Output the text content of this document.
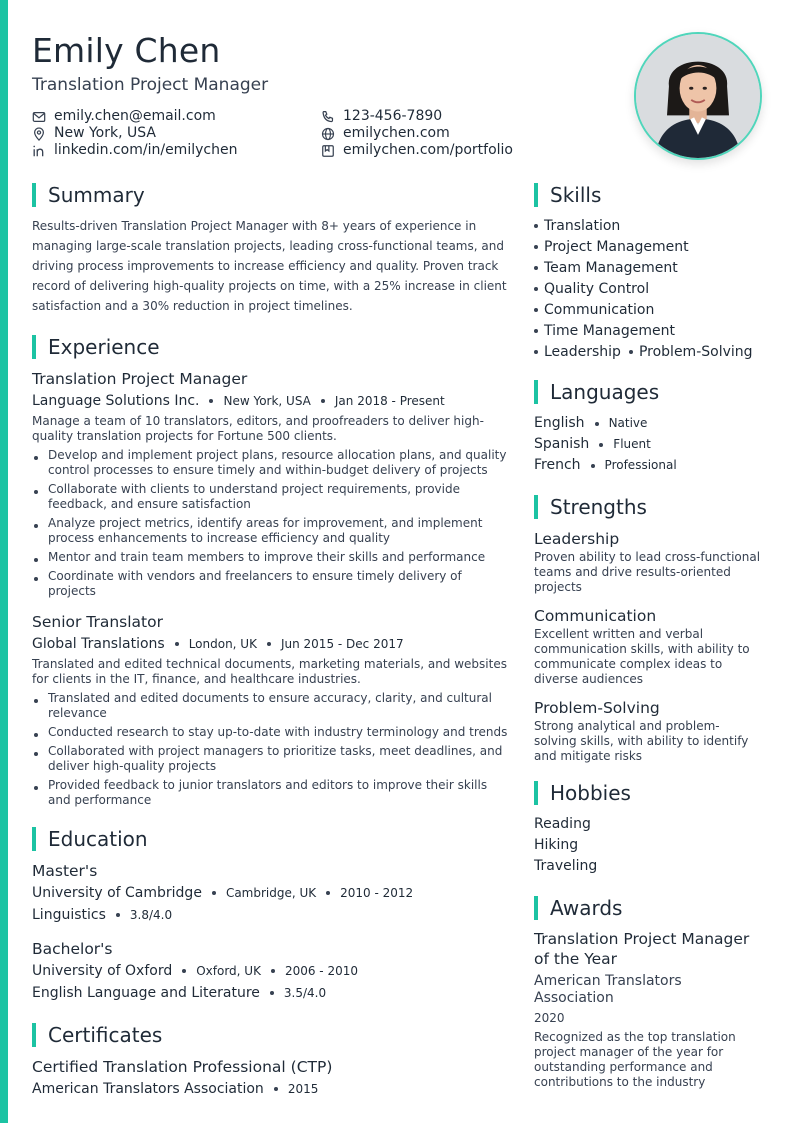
Emily Chen
Translation Project Manager
emily.chen@email.com	123-456-7890
New York, USA	emilychen.com
linkedin.com/in/emilychen	emilychen.com/portfolio
Summary

Results-driven Translation Project Manager with 8+ years of experience in managing large-scale translation projects, leading cross-functional teams, and driving process improvements to increase efficiency and quality. Proven track record of delivering high-quality projects on time, with a 25% increase in client satisfaction and a 30% reduction in project timelines.

Experience
Translation Project Manager
Language Solutions Inc. New York, USA Jan 2018 - Present

Manage a team of 10 translators, editors, and proofreaders to deliver high-quality translation projects for Fortune 500 clients.

Develop and implement project plans, resource allocation plans, and quality control processes to ensure timely and within-budget delivery of projects
Collaborate with clients to understand project requirements, provide feedback, and ensure satisfaction
Analyze project metrics, identify areas for improvement, and implement process enhancements to increase efficiency and quality
Mentor and train team members to improve their skills and performance
Coordinate with vendors and freelancers to ensure timely delivery of projects
Senior Translator
Global Translations London, UK Jun 2015 - Dec 2017

Translated and edited technical documents, marketing materials, and websites for clients in the IT, finance, and healthcare industries.

Translated and edited documents to ensure accuracy, clarity, and cultural relevance
Conducted research to stay up-to-date with industry terminology and trends
Collaborated with project managers to prioritize tasks, meet deadlines, and deliver high-quality projects
Provided feedback to junior translators and editors to improve their skills and performance
Education
Master's
University of Cambridge Cambridge, UK 2010 - 2012
Linguistics 3.8/4.0
Bachelor's
University of Oxford Oxford, UK 2006 - 2010
English Language and Literature 3.5/4.0
Certificates
Certified Translation Professional (CTP)
American Translators Association 2015
Skills
Translation
Project Management
Team Management
Quality Control
Communication
Time Management
Leadership Problem-Solving
Languages
English Native
Spanish Fluent
French Professional
Strengths
Leadership

Proven ability to lead cross-functional teams and drive results-oriented projects

Communication

Excellent written and verbal communication skills, with ability to communicate complex ideas to diverse audiences

Problem-Solving

Strong analytical and problem-solving skills, with ability to identify and mitigate risks

Hobbies
Reading
Hiking
Traveling
Awards
Translation Project Manager of the Year
American Translators Association
2020

Recognized as the top translation project manager of the year for outstanding performance and contributions to the industry
